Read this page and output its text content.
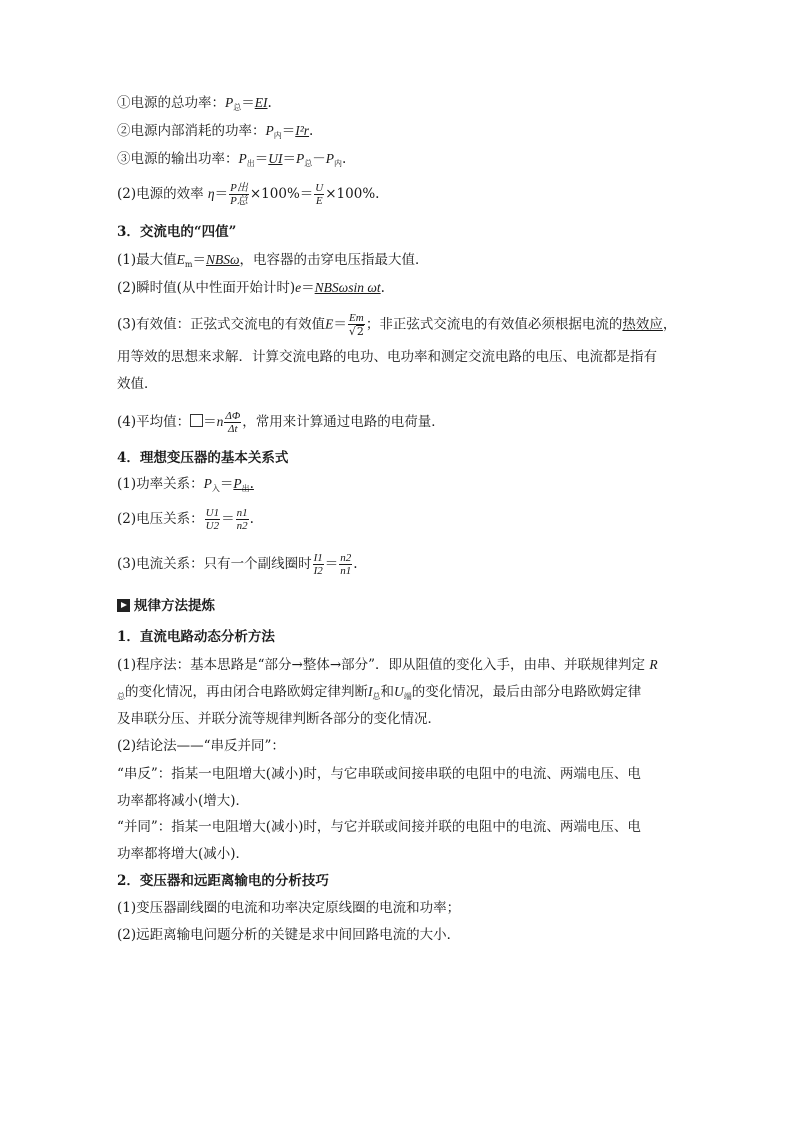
①电源的总功率：$P_总=EI$.
②电源内部消耗的功率：$P_内=I^2r$.
③电源的输出功率：$P_出=UI=P_总-P_内$.
(2)电源的效率 $\eta= \frac{\text{P出}}{\text{P总}} \times 100\%= \frac{U}{E} \times 100\%$.
3．交流电的“四值”
(1)最大值$E_m=NBS\omega$，电容器的击穿电压指最大值．
(2)瞬时值(从中性面开始计时)e＝NBSωsin ωt.
(3)有效值：正弦式交流电的有效值$E= \frac{Em}{√2}$ ；非正弦式交流电的有效值必须根据电流的热效应，
用等效的思想来求解．计算交流电路的电功、电功率和测定交流电路的电压、电流都是指有
效值．
(4)平均值： $=n \frac{\Delta\Phi}{\Delta t}$ ，常用来计算通过电路的电荷量．
4．理想变压器的基本关系式
(1)功率关系：$P_入=P_出$.
(2)电压关系： $\frac{U1}{U2} = \frac{n1}{n2}$ .
(3)电流关系：只有一个副线圈时 $\frac{I1}{I2} = \frac{n2}{n1}$ .
规律方法提炼
1．直流电路动态分析方法
(1)程序法：基本思路是“部分→整体→部分”．即从阻值的变化入手，由串、并联规律判定 R
$_总$的变化情况，再由闭合电路欧姆定律判断$I_总$和$U_端$的变化情况，最后由部分电路欧姆定律
及串联分压、并联分流等规律判断各部分的变化情况．
(2)结论法——“串反并同”：
“串反”：指某一电阻增大(减小)时，与它串联或间接串联的电阻中的电流、两端电压、电
功率都将减小(增大)．
“并同”：指某一电阻增大(减小)时，与它并联或间接并联的电阻中的电流、两端电压、电
功率都将增大(减小)．
2．变压器和远距离输电的分析技巧
(1)变压器副线圈的电流和功率决定原线圈的电流和功率；
(2)远距离输电问题分析的关键是求中间回路电流的大小．
